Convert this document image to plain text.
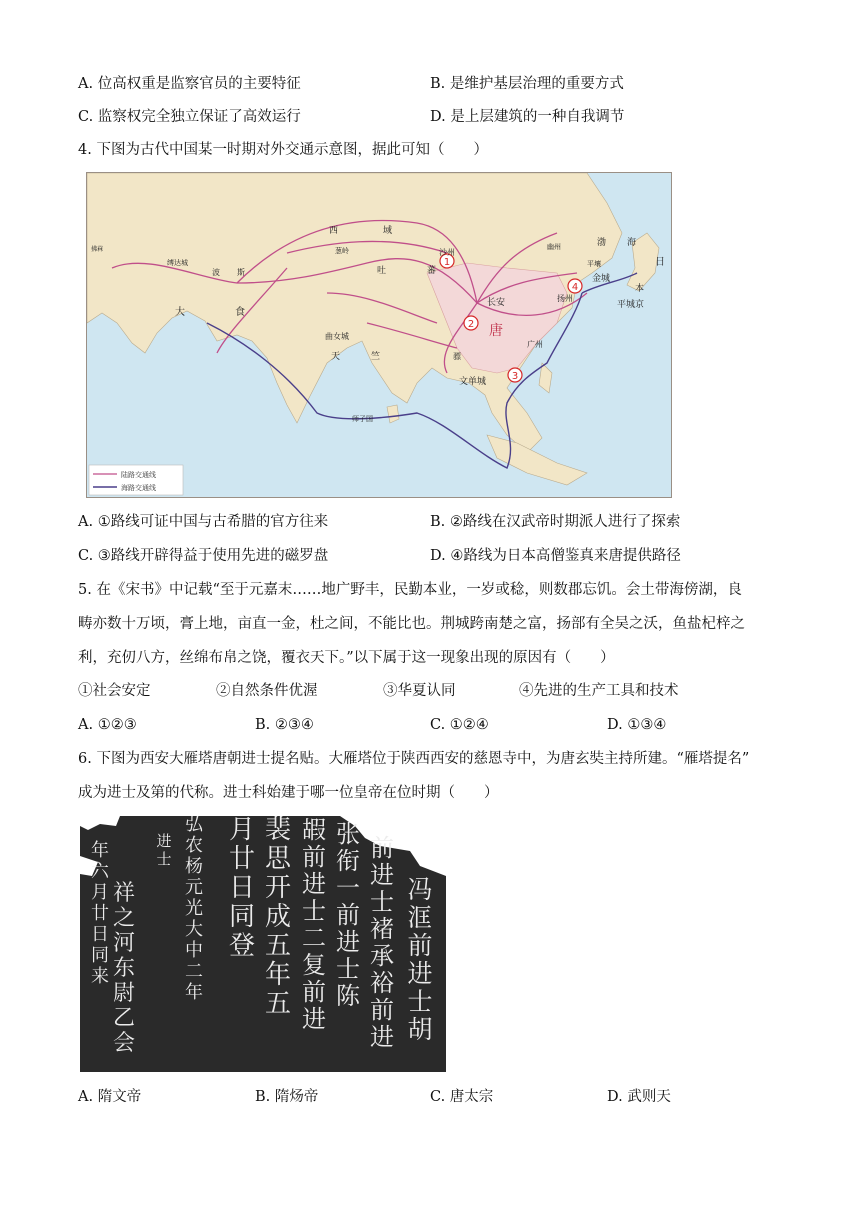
A. 位高权重是监察官员的主要特征	B. 是维护基层治理的重要方式
C. 监察权完全独立保证了高效运行	D. 是上层建筑的一种自我调节
4. 下图为古代中国某一时期对外交通示意图，据此可知（　　）
1
2
3
4
西	域
沙州
葱岭
吐	蕃
长安
唐
幽州	渤 海
平壤
金城
扬州
日
本
平城京
广州
骠
文单城
曲女城
天	竺
师子国
缚达城
波 斯
大	食
拂菻
陆路交通线
海路交通线
A. ①路线可证中国与古希腊的官方往来	B. ②路线在汉武帝时期派人进行了探索
C. ③路线开辟得益于使用先进的磁罗盘	D. ④路线为日本高僧鉴真来唐提供路径
5. 在《宋书》中记载“至于元嘉末……地广野丰，民勤本业，一岁或稔，则数郡忘饥。会土带海傍湖，良
畴亦数十万顷，膏上地，亩直一金，杜之间，不能比也。荆城跨南楚之富，扬部有全吴之沃，鱼盐杞梓之
利，充仞八方，丝绵布帛之饶，覆衣天下。”以下属于这一现象出现的原因有（　　）
①社会安定	②自然条件优渥	③华夏认同	④先进的生产工具和技术
A. ①②③	B. ②③④	C. ①②④	D. ①③④
6. 下图为西安大雁塔唐朝进士提名贴。大雁塔位于陕西西安的慈恩寺中，为唐玄奘主持所建。“雁塔提名”
成为进士及第的代称。进士科始建于哪一位皇帝在位时期（　　）
冯洭前进士胡
前进士褚承裕前进
张衔一前进士陈
嘏前进士二复前进
裴思开成五年五
月廿日同登
弘农杨元光大中二年
进士
年六月廿日同来
祥之河东尉乙会
A. 隋文帝	B. 隋炀帝	C. 唐太宗	D. 武则天
